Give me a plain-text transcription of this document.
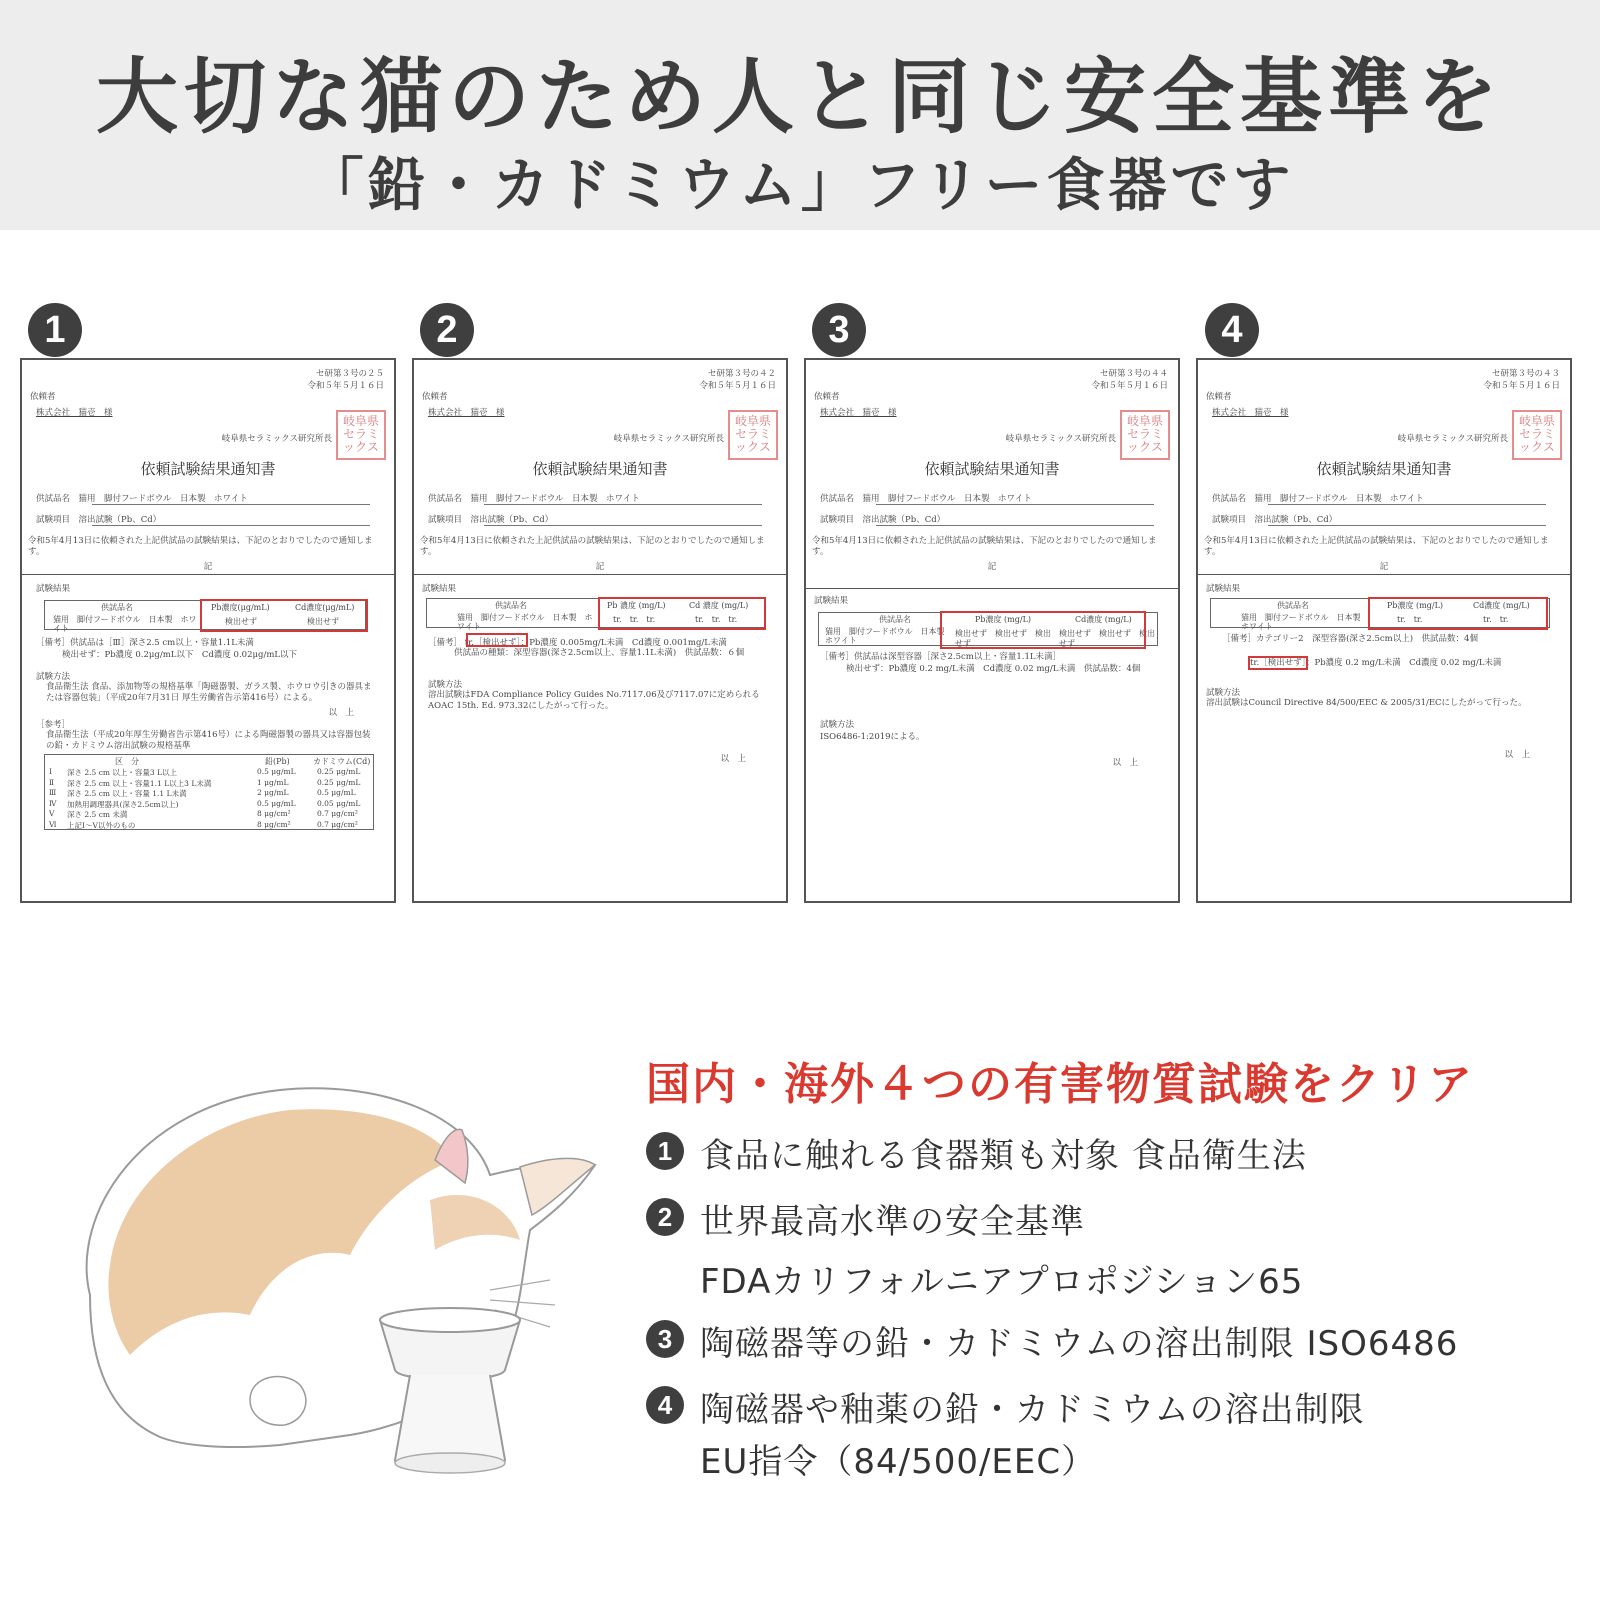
大切な猫のため人と同じ安全基準を
「鉛・カドミウム」フリー食器です
1	2	3	4
セ研第３号の２５
令和５年５月１６日
依頼者
株式会社　猫壱　様
岐阜県セラミックス研究所長
岐阜県
セラミ
ックス
依頼試験結果通知書
供試品名　 猫用　脚付フードボウル　日本製　ホワイト
試験項目　 溶出試験（Pb、Cd）
令和5年4月13日に依頼された上記供試品の試験結果は、下記のとおりでしたので通知します。
記
試験結果
供試品名
猫用　脚付フードボウル　日本製　ホワイト
Pb濃度(μg/mL)
検出せず
Cd濃度(μg/mL)
検出せず
［備考］供試品は［Ⅲ］深さ2.5 cm以上・容量1.1L未満
検出せず：Pb濃度 0.2μg/mL以下　Cd濃度 0.02μg/mL以下
試験方法
食品衛生法 食品、添加物等の規格基準「陶磁器製、ガラス製、ホウロウ引きの器具または容器包装」（平成20年7月31日 厚生労働省告示第416号）による。
以　上
［参考］
食品衛生法（平成20年厚生労働省告示第416号）による陶磁器製の器具又は容器包装の鉛・カドミウム溶出試験の規格基準
区　分	鉛(Pb)	カドミウム(Cd)
Ⅰ 深さ 2.5 cm 以上・容量3 L以上	0.5 μg/mL	0.25 μg/mL
Ⅱ 深さ 2.5 cm 以上・容量1.1 L以上3 L未満	1 μg/mL	0.25 μg/mL
Ⅲ 深さ 2.5 cm 以上・容量 1.1 L未満	2 μg/mL	0.5 μg/mL
Ⅳ 加熱用調理器具(深さ2.5cm以上)	0.5 μg/mL	0.05 μg/mL
Ⅴ 深さ 2.5 cm 未満	8 μg/cm²	0.7 μg/cm²
Ⅵ 上記Ⅰ～Ⅴ以外のもの	8 μg/cm²	0.7 μg/cm²
セ研第３号の４２
令和５年５月１６日
依頼者
株式会社　猫壱　様
岐阜県セラミックス研究所長
岐阜県
セラミ
ックス
依頼試験結果通知書
供試品名　 猫用　脚付フードボウル　日本製　ホワイト
試験項目　 溶出試験（Pb、Cd）
令和5年4月13日に依頼された上記供試品の試験結果は、下記のとおりでしたので通知します。
記
試験結果
供試品名
猫用　脚付フードボウル　日本製　ホワイト
Pb 濃度 (mg/L)
tr.　tr.　tr.
Cd 濃度 (mg/L)
tr.　tr.　tr.
［備考］ tr.［検出せず］：Pb濃度 0.005mg/L未満　Cd濃度 0.001mg/L未満
供試品の種類：深型容器(深さ2.5cm以上、容量1.1L未満)　供試品数：６個
試験方法
溶出試験はFDA Compliance Policy Guides No.7117.06及び7117.07に定められるAOAC 15th. Ed. 973.32にしたがって行った。
以　上
セ研第３号の４４
令和５年５月１６日
依頼者
株式会社　猫壱　様
岐阜県セラミックス研究所長
岐阜県
セラミ
ックス
依頼試験結果通知書
供試品名　 猫用　脚付フードボウル　日本製　ホワイト
試験項目　 溶出試験（Pb、Cd）
令和5年4月13日に依頼された上記供試品の試験結果は、下記のとおりでしたので通知します。
記
試験結果
供試品名
猫用　脚付フードボウル　日本製　ホワイト
Pb濃度 (mg/L)
検出せず　検出せず　検出せず
Cd濃度 (mg/L)
検出せず　検出せず　検出せず
［備考］供試品は深型容器［深さ2.5cm以上・容量1.1L未満］
検出せず：Pb濃度 0.2 mg/L未満　Cd濃度 0.02 mg/L未満　供試品数：4個
試験方法
ISO6486-1:2019による。
以　上
セ研第３号の４３
令和５年５月１６日
依頼者
株式会社　猫壱　様
岐阜県セラミックス研究所長
岐阜県
セラミ
ックス
依頼試験結果通知書
供試品名　 猫用　脚付フードボウル　日本製　ホワイト
試験項目　 溶出試験（Pb、Cd）
令和5年4月13日に依頼された上記供試品の試験結果は、下記のとおりでしたので通知します。
記
試験結果
供試品名
猫用　脚付フードボウル　日本製　ホワイト
Pb濃度 (mg/L)
tr.　tr.
Cd濃度 (mg/L)
tr.　tr.
［備考］カテゴリー2　深型容器(深さ2.5cm以上)　供試品数：4個
tr.［検出せず］：Pb濃度 0.2 mg/L未満　Cd濃度 0.02 mg/L未満
試験方法
溶出試験はCouncil Directive 84/500/EEC & 2005/31/ECにしたがって行った。
以　上
国内・海外４つの有害物質試験をクリア
1 食品に触れる食器類も対象 食品衛生法
2 世界最高水準の安全基準
FDAカリフォルニアプロポジション65
3 陶磁器等の鉛・カドミウムの溶出制限 ISO6486
4 陶磁器や釉薬の鉛・カドミウムの溶出制限
EU指令（84/500/EEC）
